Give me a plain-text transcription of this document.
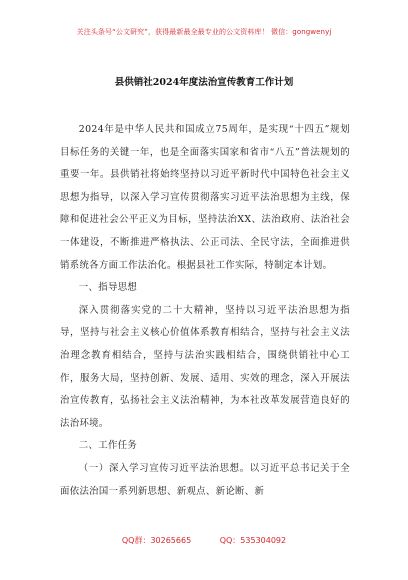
关注头条号“公文研究”，获得最新最全最专业的公文资料库！ 微信：gongwenyj
县供销社2024年度法治宣传教育工作计划

2024年是中华人民共和国成立75周年，是实现“十四五”规划目标任务的关键一年，也是全面落实国家和省市“八五”普法规划的重要一年。县供销社将始终坚持以习近平新时代中国特色社会主义思想为指导，以深入学习宣传贯彻落实习近平法治思想为主线，保障和促进社会公平正义为目标，坚持法治XX、法治政府、法治社会一体建设，不断推进严格执法、公正司法、全民守法，全面推进供销系统各方面工作法治化。根据县社工作实际，特制定本计划。

一、指导思想

深入贯彻落实党的二十大精神，坚持以习近平法治思想为指导，坚持与社会主义核心价值体系教育相结合，坚持与社会主义法治理念教育相结合，坚持与法治实践相结合，围绕供销社中心工作，服务大局，坚持创新、发展、适用、实效的理念，深入开展法治宣传教育，弘扬社会主义法治精神，为本社改革发展营造良好的法治环境。

二、工作任务

（一）深入学习宣传习近平法治思想。以习近平总书记关于全面依法治国一系列新思想、新观点、新论断、新

QQ群：30265665 QQ：535304092
